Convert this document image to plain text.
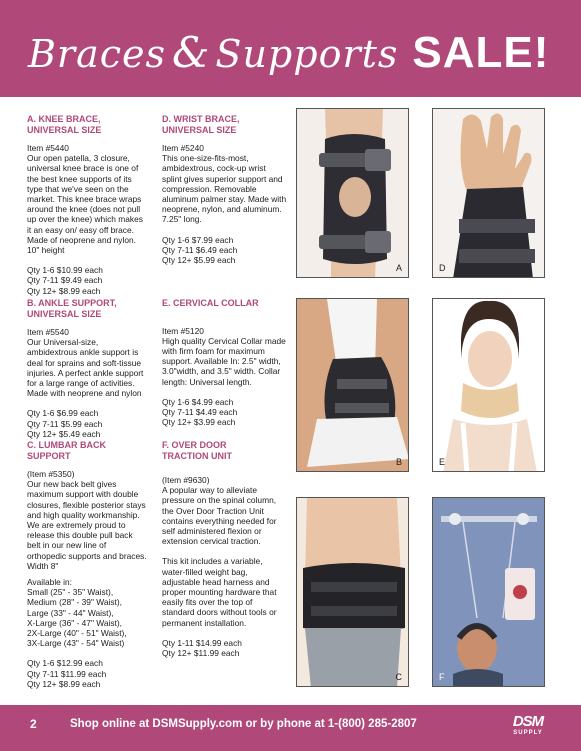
Braces & Supports SALE!
A. KNEE BRACE,
UNIVERSAL SIZE

Item #5440

Our open patella, 3 closure, universal knee brace is one of the best knee supports of its type that we've seen on the market. This knee brace wraps around the knee (does not pull up over the knee) which makes it an easy on/ easy off brace. Made of neoprene and nylon. 10" height

Qty 1-6 $10.99 each

Qty 7-11 $9.49 each

Qty 12+ $8.99 each

B. ANKLE SUPPORT,
UNIVERSAL SIZE

Item #5540

Our Universal-size, ambidextrous ankle support is deal for sprains and soft-tissue injuries. A perfect ankle support for a large range of activities. Made with neoprene and nylon

Qty 1-6 $6.99 each

Qty 7-11 $5.99 each

Qty 12+ $5.49 each

C. LUMBAR BACK
SUPPORT

(Item #5350)

Our new back belt gives maximum support with double closures, flexible posterior stays and high quality workmanship. We are extremely proud to release this double pull back belt in our new line of orthopedic supports and braces. Width 8"

Available in:

Small (25" - 35" Waist),

Medium (28" - 39" Waist),

Large (33" - 44" Waist),

X-Large (36" - 47" Waist),

2X-Large (40" - 51" Waist),

3X-Large (43" - 54" Waist)

Qty 1-6 $12.99 each

Qty 7-11 $11.99 each

Qty 12+ $8.99 each

D. WRIST BRACE,
UNIVERSAL SIZE

Item #5240

This one-size-fits-most, ambidextrous, cock-up wrist splint gives superior support and compression. Removable aluminum palmer stay. Made with neoprene, nylon, and aluminum. 7.25" long.

Qty 1-6 $7.99 each

Qty 7-11 $6.49 each

Qty 12+ $5.99 each

E. CERVICAL COLLAR

Item #5120

High quality Cervical Collar made with firm foam for maximum support. Available In: 2.5" width, 3.0"width, and 3.5" width. Collar length: Universal length.

Qty 1-6 $4.99 each

Qty 7-11 $4.49 each

Qty 12+ $3.99 each

F. OVER DOOR
TRACTION UNIT

(Item #9630)

A popular way to alleviate pressure on the spinal column, the Over Door Traction Unit contains everything needed for self administered flexion or extension cervical traction.

This kit includes a variable, water-filled weight bag, adjustable head harness and proper mounting hardware that easily fits over the top of standard doors without tools or permanent installation.

Qty 1-11 $14.99 each

Qty 12+ $11.99 each

A	D
B	E
C	F
2	Shop online at DSMSupply.com or by phone at 1-(800) 285-2807	DSM
SUPPLY
